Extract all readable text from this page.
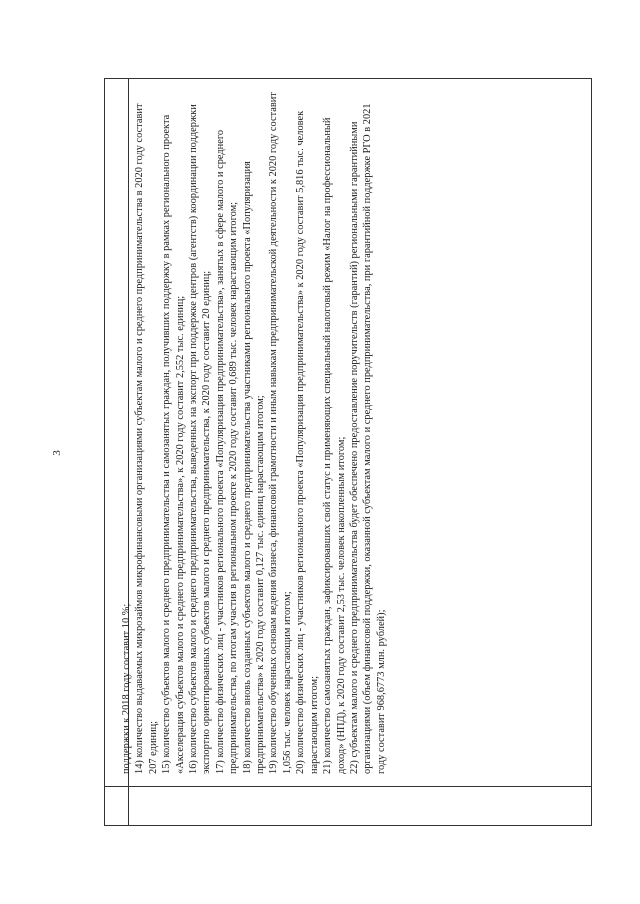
3

поддержки к 2018 году составит 10 %; 14) количество выдаваемых микрозаймов микрофинансовыми организациями субъектам малого и среднего предпринимательства в 2020 году составит 207 единиц; 15) количество субъектов малого и среднего предпринимательства и самозанятых граждан, получивших поддержку в рамках регионального проекта «Акселерация субъектов малого и среднего предпринимательства», к 2020 году составит 2,552 тыс. единиц; 16) количество субъектов малого и среднего предпринимательства, выведенных на экспорт при поддержке центров (агентств) координации поддержки экспортно ориентированных субъектов малого и среднего предпринимательства, к 2020 году составит 20 единиц; 17) количество физических лиц - участников регионального проекта «Популяризация предпринимательства», занятых в сфере малого и среднего предпринимательства, по итогам участия в региональном проекте к 2020 году составит 0,689 тыс. человек нарастающим итогом; 18) количество вновь созданных субъектов малого и среднего предпринимательства участниками регионального проекта «Популяризация предпринимательства» к 2020 году составит 0,127 тыс. единиц нарастающим итогом; 19) количество обученных основам ведения бизнеса, финансовой грамотности и иным навыкам предпринимательской деятельности к 2020 году составит 1,056 тыс. человек нарастающим итогом; 20) количество физических лиц - участников регионального проекта «Популяризация предпринимательства» к 2020 году составит 5,816 тыс. человек нарастающим итогом; 21) количество самозанятых граждан, зафиксировавших свой статус и применяющих специальный налоговый режим «Налог на профессиональный доход» (НПД), к 2020 году составит 2,53 тыс. человек накопленным итогом; 22) субъектам малого и среднего предпринимательства будет обеспечено предоставление поручительств (гарантий) региональными гарантийными организациями (объем финансовой поддержки, оказанной субъектам малого и среднего предпринимательства, при гарантийной поддержке РГО в 2021 году составит 968,6773 млн. рублей);
